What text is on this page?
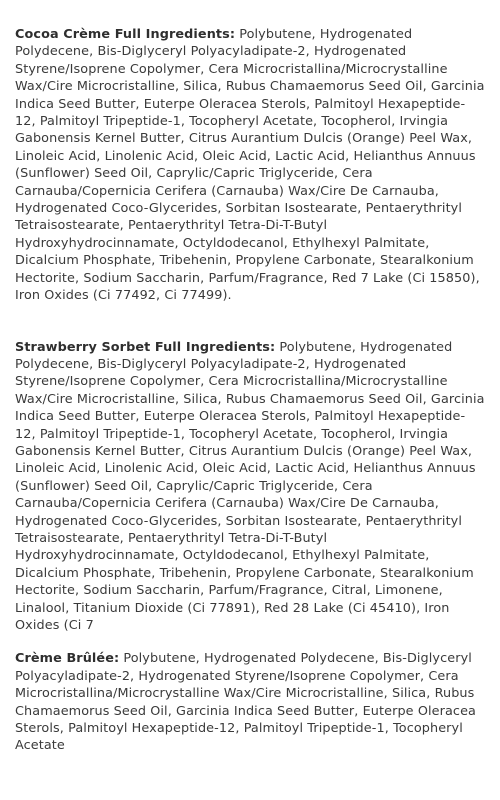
Cocoa Crème Full Ingredients: Polybutene, Hydrogenated Polydecene, Bis-Diglyceryl Polyacyladipate-2, Hydrogenated Styrene/Isoprene Copolymer, Cera Microcristallina/Microcrystalline Wax/Cire Microcristalline, Silica, Rubus Chamaemorus Seed Oil, Garcinia Indica Seed Butter, Euterpe Oleracea Sterols, Palmitoyl Hexapeptide-12, Palmitoyl Tripeptide-1, Tocopheryl Acetate, Tocopherol, Irvingia Gabonensis Kernel Butter, Citrus Aurantium Dulcis (Orange) Peel Wax, Linoleic Acid, Linolenic Acid, Oleic Acid, Lactic Acid, Helianthus Annuus (Sunflower) Seed Oil, Caprylic/Capric Triglyceride, Cera Carnauba/Copernicia Cerifera (Carnauba) Wax/Cire De Carnauba, Hydrogenated Coco-Glycerides, Sorbitan Isostearate, Pentaerythrityl Tetraisostearate, Pentaerythrityl Tetra-Di-T-Butyl Hydroxyhydrocinnamate, Octyldodecanol, Ethylhexyl Palmitate, Dicalcium Phosphate, Tribehenin, Propylene Carbonate, Stearalkonium Hectorite, Sodium Saccharin, Parfum/Fragrance, Red 7 Lake (Ci 15850), Iron Oxides (Ci 77492, Ci 77499).

Strawberry Sorbet Full Ingredients: Polybutene, Hydrogenated Polydecene, Bis-Diglyceryl Polyacyladipate-2, Hydrogenated Styrene/Isoprene Copolymer, Cera Microcristallina/Microcrystalline Wax/Cire Microcristalline, Silica, Rubus Chamaemorus Seed Oil, Garcinia Indica Seed Butter, Euterpe Oleracea Sterols, Palmitoyl Hexapeptide-12, Palmitoyl Tripeptide-1, Tocopheryl Acetate, Tocopherol, Irvingia Gabonensis Kernel Butter, Citrus Aurantium Dulcis (Orange) Peel Wax, Linoleic Acid, Linolenic Acid, Oleic Acid, Lactic Acid, Helianthus Annuus (Sunflower) Seed Oil, Caprylic/Capric Triglyceride, Cera Carnauba/Copernicia Cerifera (Carnauba) Wax/Cire De Carnauba, Hydrogenated Coco-Glycerides, Sorbitan Isostearate, Pentaerythrityl Tetraisostearate, Pentaerythrityl Tetra-Di-T-Butyl Hydroxyhydrocinnamate, Octyldodecanol, Ethylhexyl Palmitate, Dicalcium Phosphate, Tribehenin, Propylene Carbonate, Stearalkonium Hectorite, Sodium Saccharin, Parfum/Fragrance, Citral, Limonene, Linalool, Titanium Dioxide (Ci 77891), Red 28 Lake (Ci 45410), Iron Oxides (Ci 7

Crème Brûlée: Polybutene, Hydrogenated Polydecene, Bis-Diglyceryl Polyacyladipate-2, Hydrogenated Styrene/Isoprene Copolymer, Cera Microcristallina/Microcrystalline Wax/Cire Microcristalline, Silica, Rubus Chamaemorus Seed Oil, Garcinia Indica Seed Butter, Euterpe Oleracea Sterols, Palmitoyl Hexapeptide-12, Palmitoyl Tripeptide-1, Tocopheryl Acetate
